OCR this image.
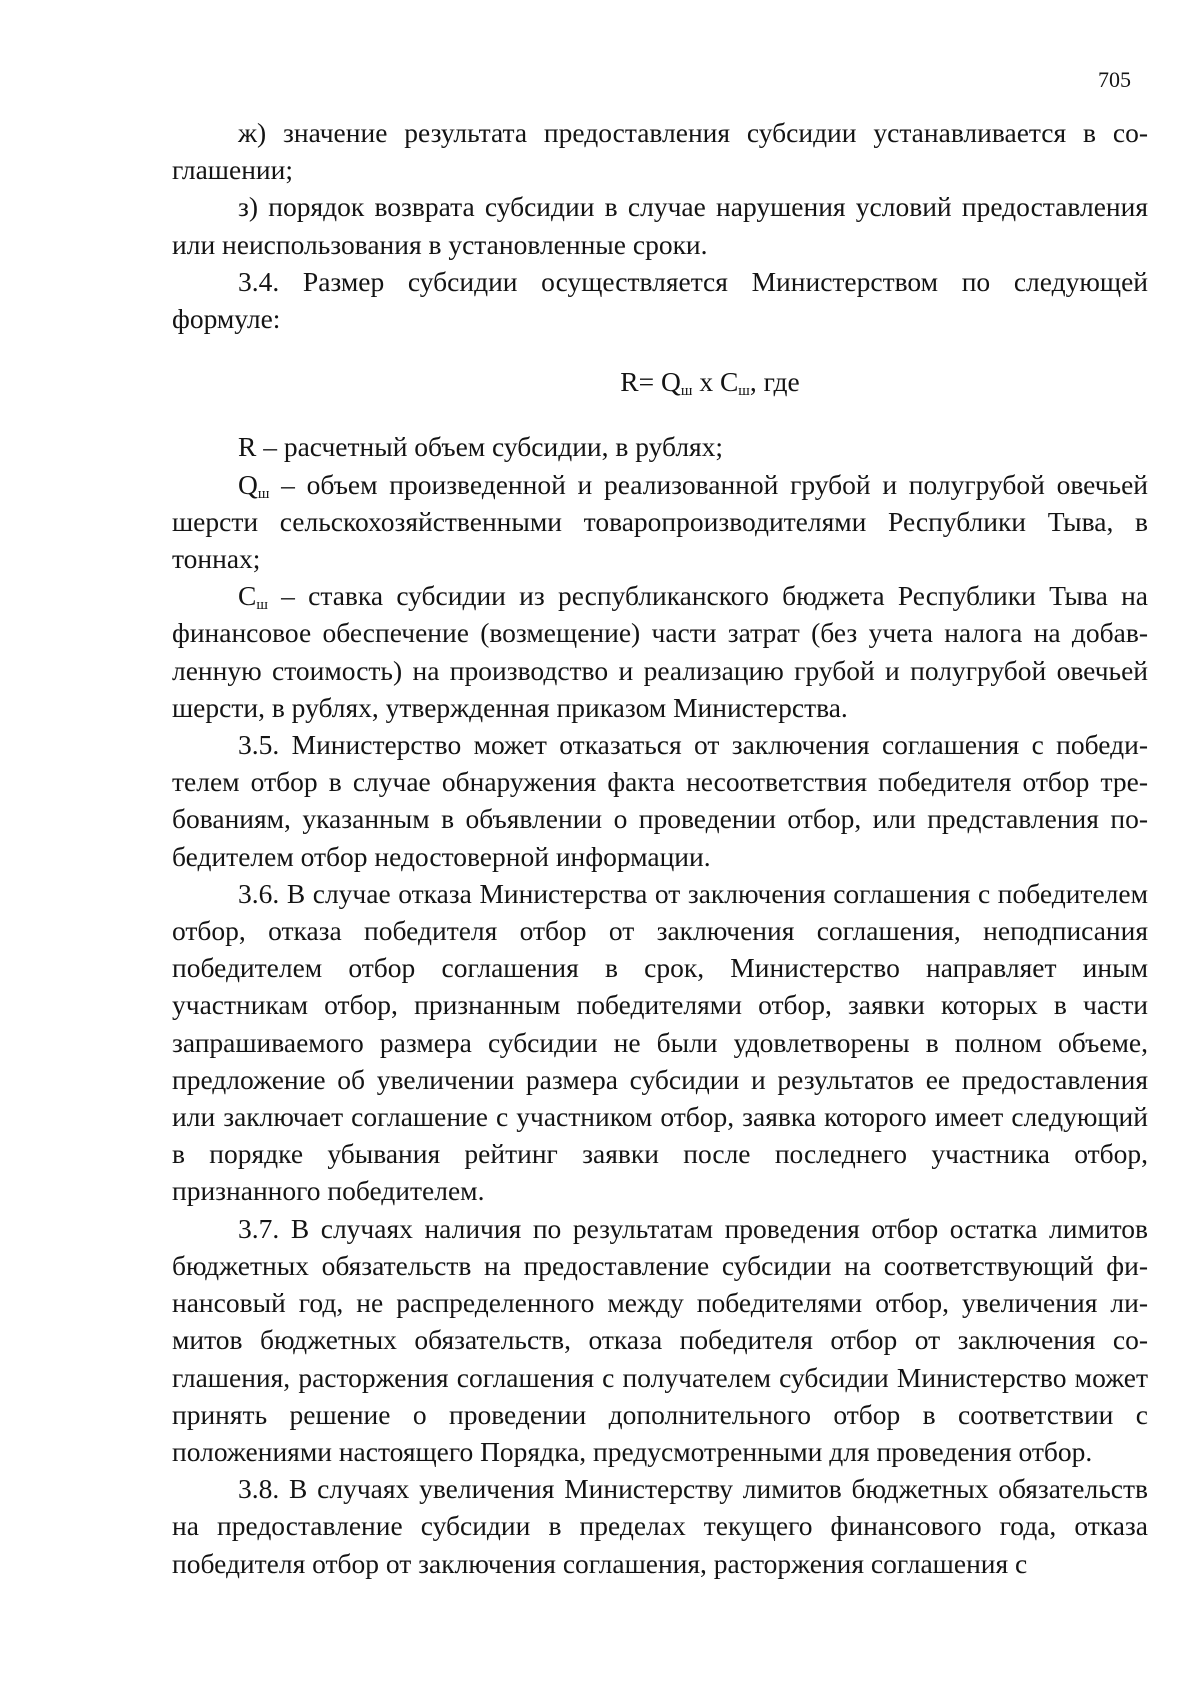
705

ж) значение результата предоставления субсидии устанавливается в соглашении;

з) порядок возврата субсидии в случае нарушения условий предоставления или неиспользования в установленные сроки.

3.4. Размер субсидии осуществляется Министерством по следующей формуле:

$R= Q_ш$ x $С_ш$, где

R – расчетный объем субсидии, в рублях;

$Q_ш$ – объем произведенной и реализованной грубой и полугрубой овечьей шерсти сельскохозяйственными товаропроизводителями Республики Тыва, в тоннах;

$С_ш$ – ставка субсидии из республиканского бюджета Республики Тыва на финансовое обеспечение (возмещение) части затрат (без учета налога на добавленную стоимость) на производство и реализацию грубой и полугрубой овечьей шерсти, в рублях, утвержденная приказом Министерства.

3.5. Министерство может отказаться от заключения соглашения с победителем отбор в случае обнаружения факта несоответствия победителя отбор требованиям, указанным в объявлении о проведении отбор, или представления победителем отбор недостоверной информации.

3.6. В случае отказа Министерства от заключения соглашения с победителем отбор, отказа победителя отбор от заключения соглашения, неподписания победителем отбор соглашения в срок, Министерство направляет иным участникам отбор, признанным победителями отбор, заявки которых в части запрашиваемого размера субсидии не были удовлетворены в полном объеме, предложение об увеличении размера субсидии и результатов ее предоставления или заключает соглашение с участником отбор, заявка которого имеет следующий в порядке убывания рейтинг заявки после последнего участника отбор, признанного победителем.

3.7. В случаях наличия по результатам проведения отбор остатка лимитов бюджетных обязательств на предоставление субсидии на соответствующий финансовый год, не распределенного между победителями отбор, увеличения лимитов бюджетных обязательств, отказа победителя отбор от заключения соглашения, расторжения соглашения с получателем субсидии Министерство может принять решение о проведении дополнительного отбор в соответствии с положениями настоящего Порядка, предусмотренными для проведения отбор.

3.8. В случаях увеличения Министерству лимитов бюджетных обязательств на предоставление субсидии в пределах текущего финансового года, отказа победителя отбор от заключения соглашения, расторжения соглашения с
